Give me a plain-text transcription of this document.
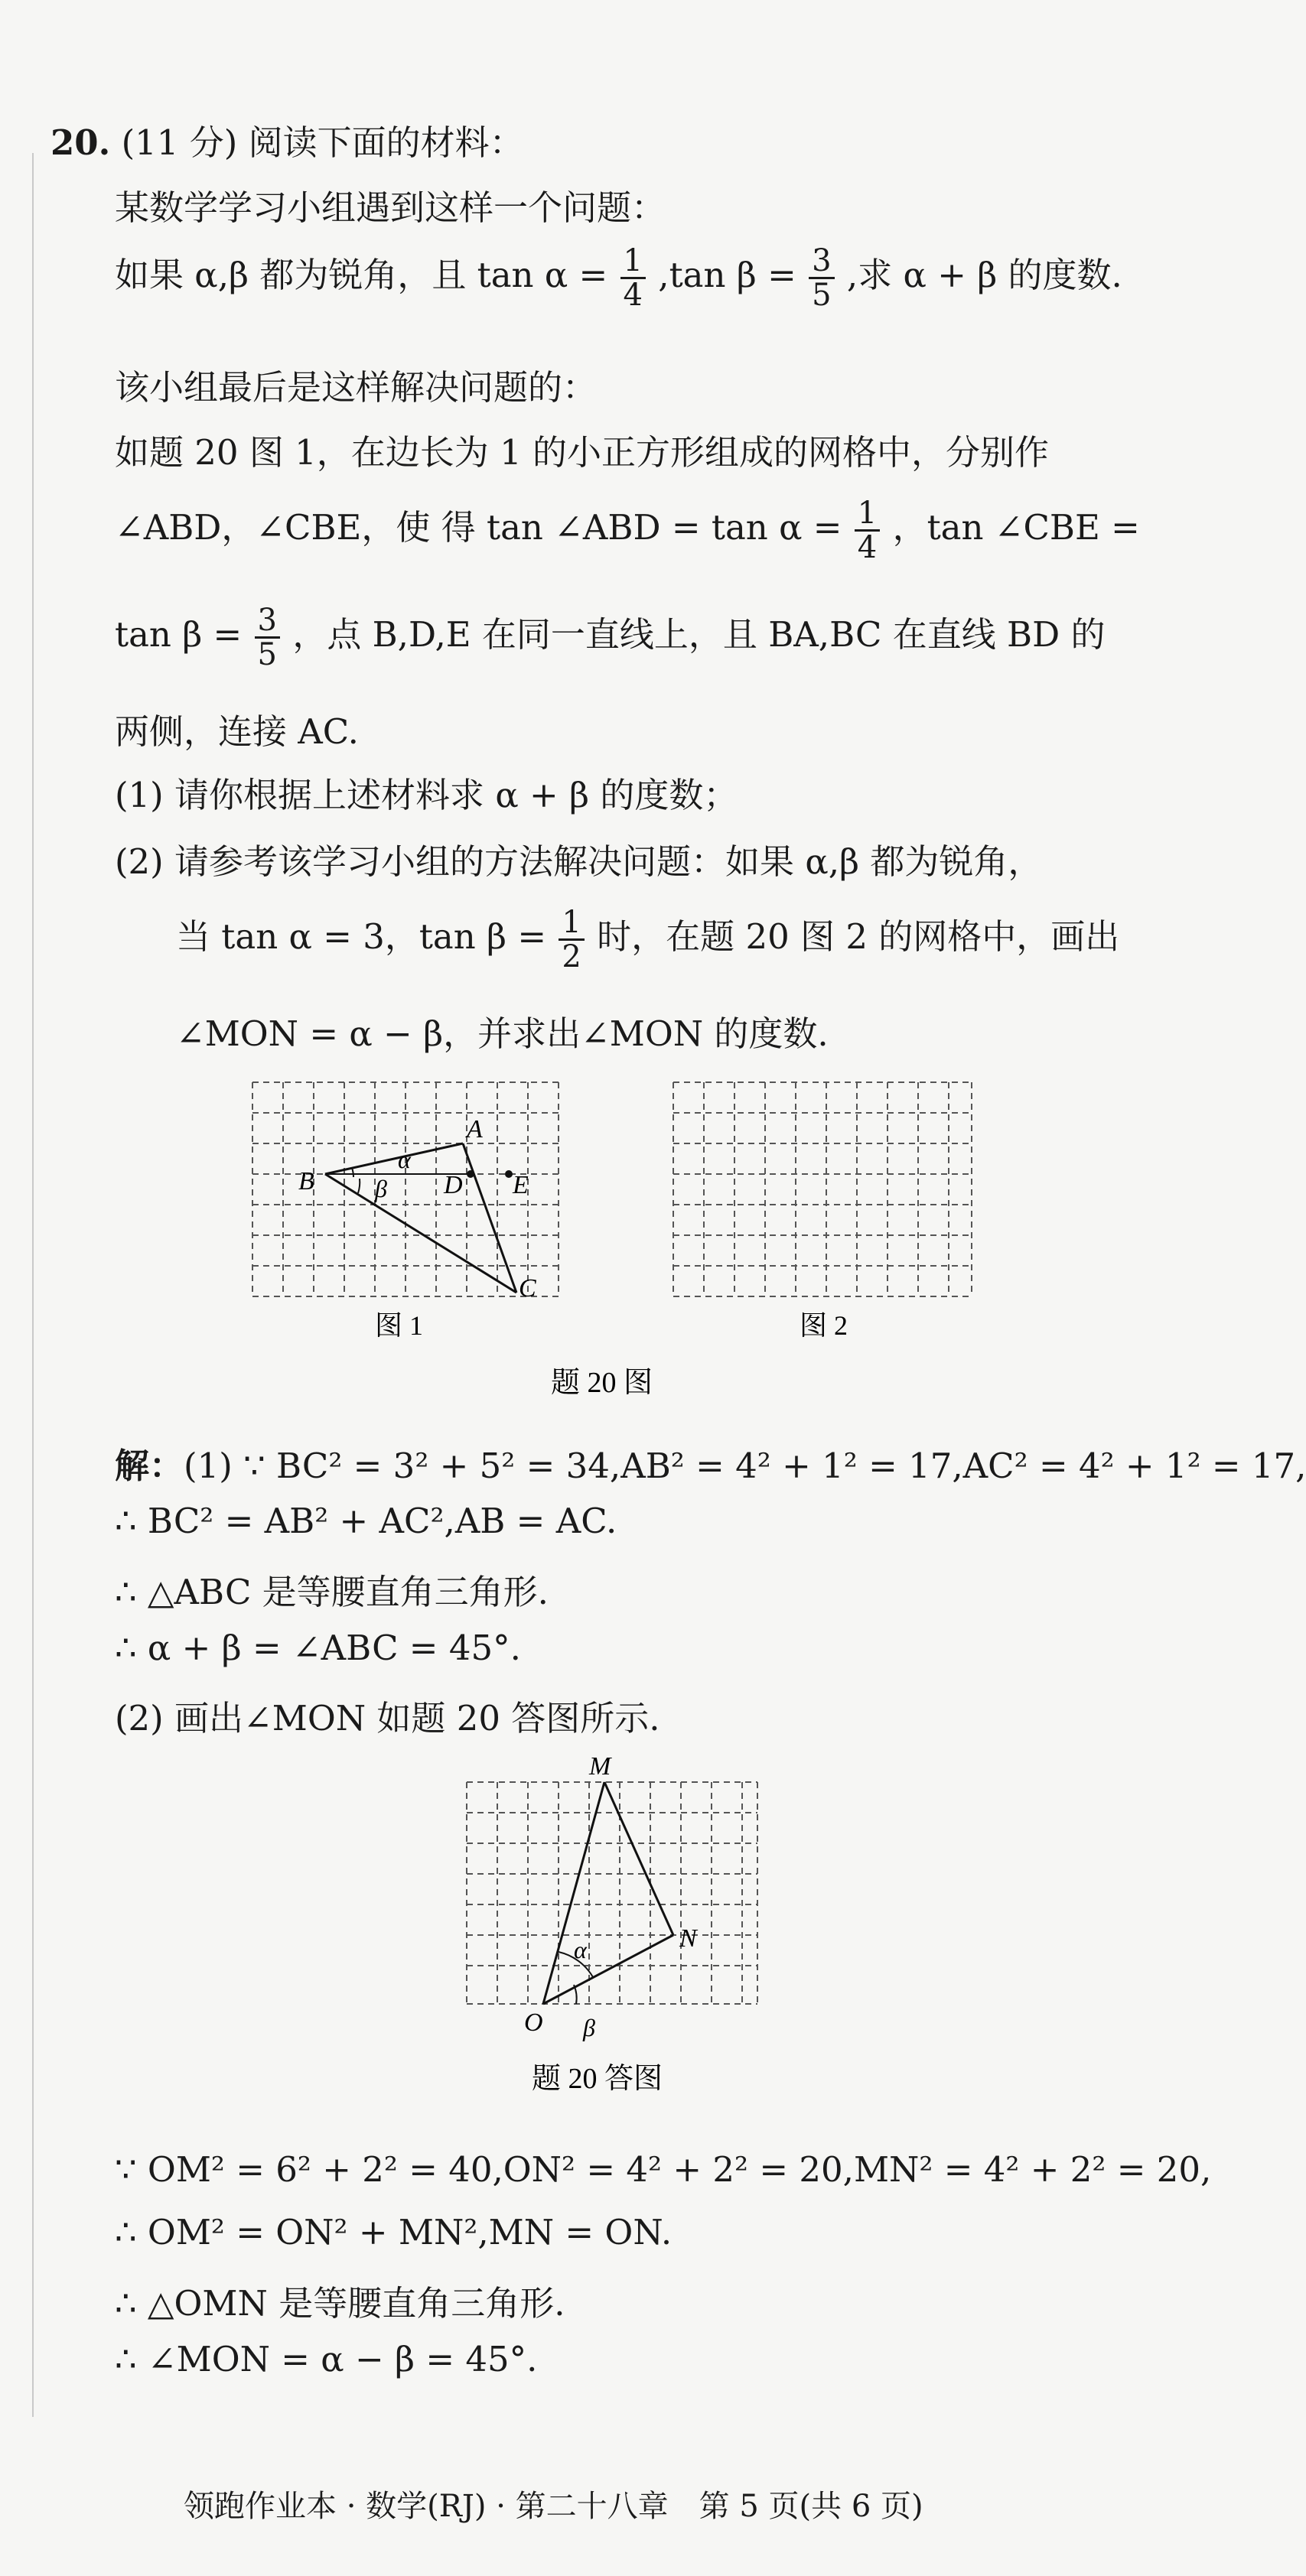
20. (11 分) 阅读下面的材料：
某数学学习小组遇到这样一个问题：
如果 α,β 都为锐角，且 $\tan \alpha = \frac{1}{4} ,\tan$ $\beta = \frac{3}{5}$ ,求 α + β 的度数.
该小组最后是这样解决问题的：
如题 20 图 1，在边长为 1 的小正方形组成的网格中，分别作
∠ABD，∠CBE，使 得 tan ∠ABD = $\tan \alpha = \frac{1}{4}$ ，tan ∠CBE =
$\tan \beta = \frac{3}{5}$ ，点 B,D,E 在同一直线上，且 BA,BC 在直线 BD 的
两侧，连接 AC.
(1) 请你根据上述材料求 α + β 的度数；
(2) 请参考该学习小组的方法解决问题：如果 α,β 都为锐角，
当 tan α = 3，$\tan \beta = \frac{1}{2}$ 时，在题 20 图 2 的网格中，画出
∠MON = α − β，并求出∠MON 的度数.
A
B
C
D E
α
β
图 1	图 2
题 20 图
解：(1) ∵ BC² = 3² + 5² = 34,AB² = 4² + 1² = 17,AC² = 4² + 1² = 17,
∴ BC² = AB² + AC²,AB = AC.
∴ △ABC 是等腰直角三角形.
∴ α + β = ∠ABC = 45°.
(2) 画出∠MON 如题 20 答图所示.
M
N
O
α
β
题 20 答图
∵ OM² = 6² + 2² = 40,ON² = 4² + 2² = 20,MN² = 4² + 2² = 20,
∴ OM² = ON² + MN²,MN = ON.
∴ △OMN 是等腰直角三角形.
∴ ∠MON = α − β = 45°.
领跑作业本 · 数学(RJ) · 第二十八章　第 5 页(共 6 页)
